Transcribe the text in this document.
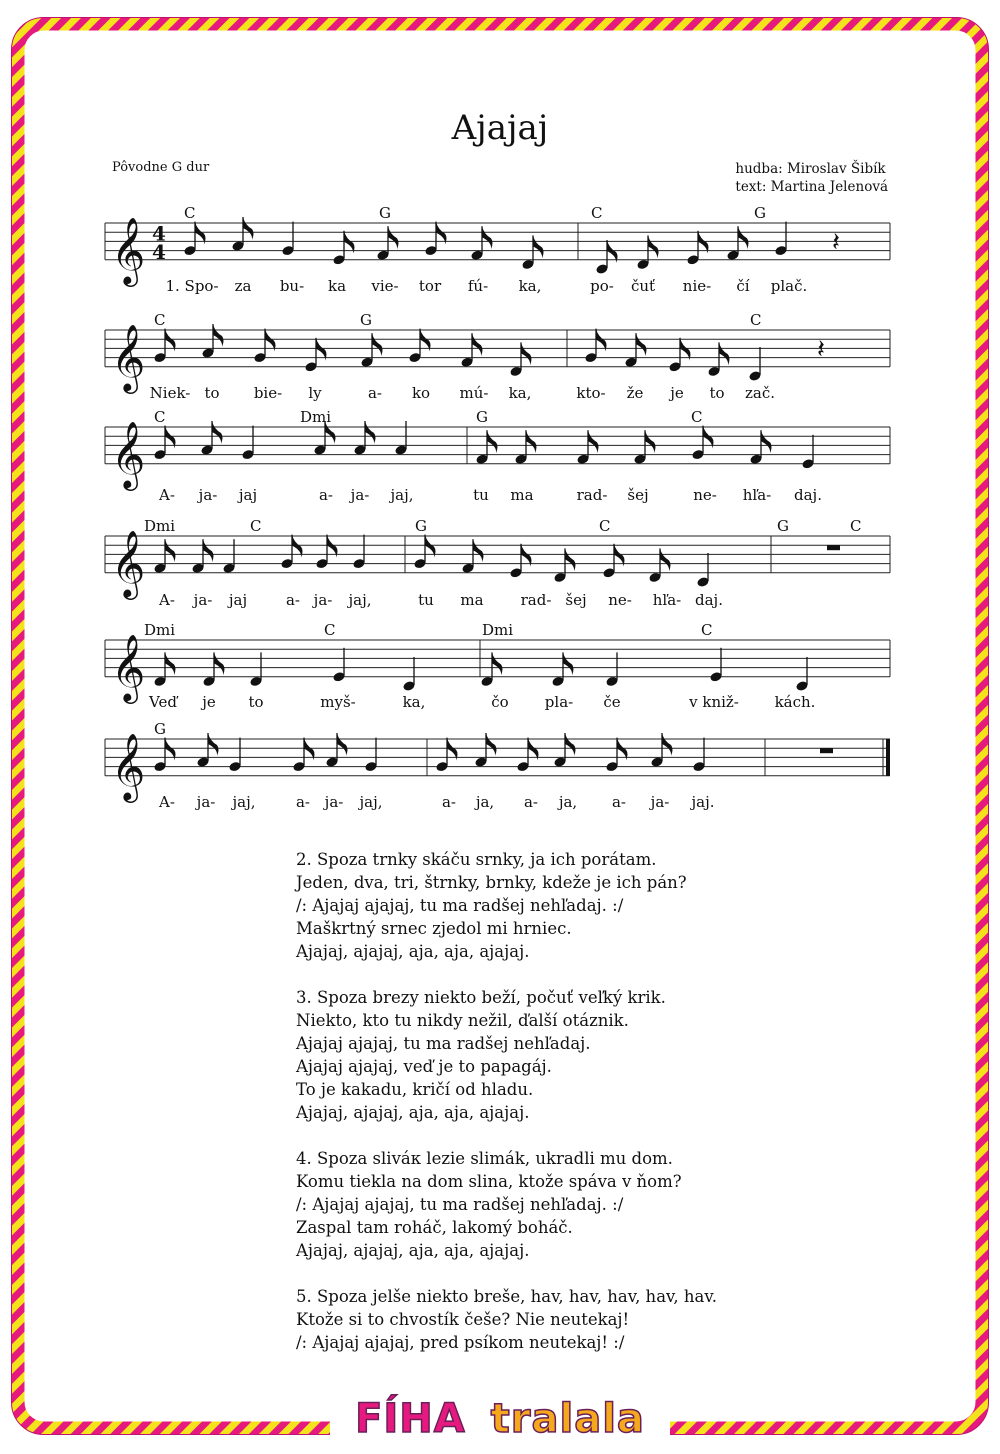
Ajajaj
Pôvodne G dur	hudba: Miroslav Šibík
text: Martina Jelenová
𝄞 4
4	𝄽
C	G	C	G
1. Spo- za bu- ka vie- tor fú- ka,	po- čuť nie- čí plač.
𝄞	𝄽
C	G	C
Niek- to bie- ly	a- ko mú- ka,	kto- že je to zač.
𝄞
C	Dmi	G	C
A- ja- jaj	a- ja- jaj,	tu ma	rad- šej	ne- hľa- daj.
𝄞
Dmi	C	G	C	G	C
A- ja- jaj	a- ja- jaj,	tu ma rad- šej ne- hľa- daj.
𝄞
Dmi	C	Dmi	C
Veď je to	myš-	ka,	čo pla- če	v kniž- kách.
𝄞
G
A- ja- jaj,	a- ja- jaj,	a- ja, a- ja, a- ja- jaj.
2. Spoza trnky skáču srnky, ja ich porátam.
Jeden, dva, tri, štrnky, brnky, kdeže je ich pán?
/: Ajajaj ajajaj, tu ma radšej nehľadaj. :/
Maškrtný srnec zjedol mi hrniec.
Ajajaj, ajajaj, aja, aja, ajajaj.
3. Spoza brezy niekto beží, počuť veľký krik.
Niekto, kto tu nikdy nežil, ďalší otáznik.
Ajajaj ajajaj, tu ma radšej nehľadaj.
Ajajaj ajajaj, veď je to papagáj.
To je kakadu, kričí od hladu.
Ajajaj, ajajaj, aja, aja, ajajaj.
4. Spoza sliváк lezie slimák, ukradli mu dom.
Komu tiekla na dom slina, ktože spáva v ňom?
/: Ajajaj ajajaj, tu ma radšej nehľadaj. :/
Zaspal tam roháč, lakomý boháč.
Ajajaj, ajajaj, aja, aja, ajajaj.
5. Spoza jelše niekto breše, hav, hav, hav, hav, hav.
Ktože si to chvostík češe? Nie neutekaj!
/: Ajajaj ajajaj, pred psíkom neutekaj! :/
FÍHA tralala
